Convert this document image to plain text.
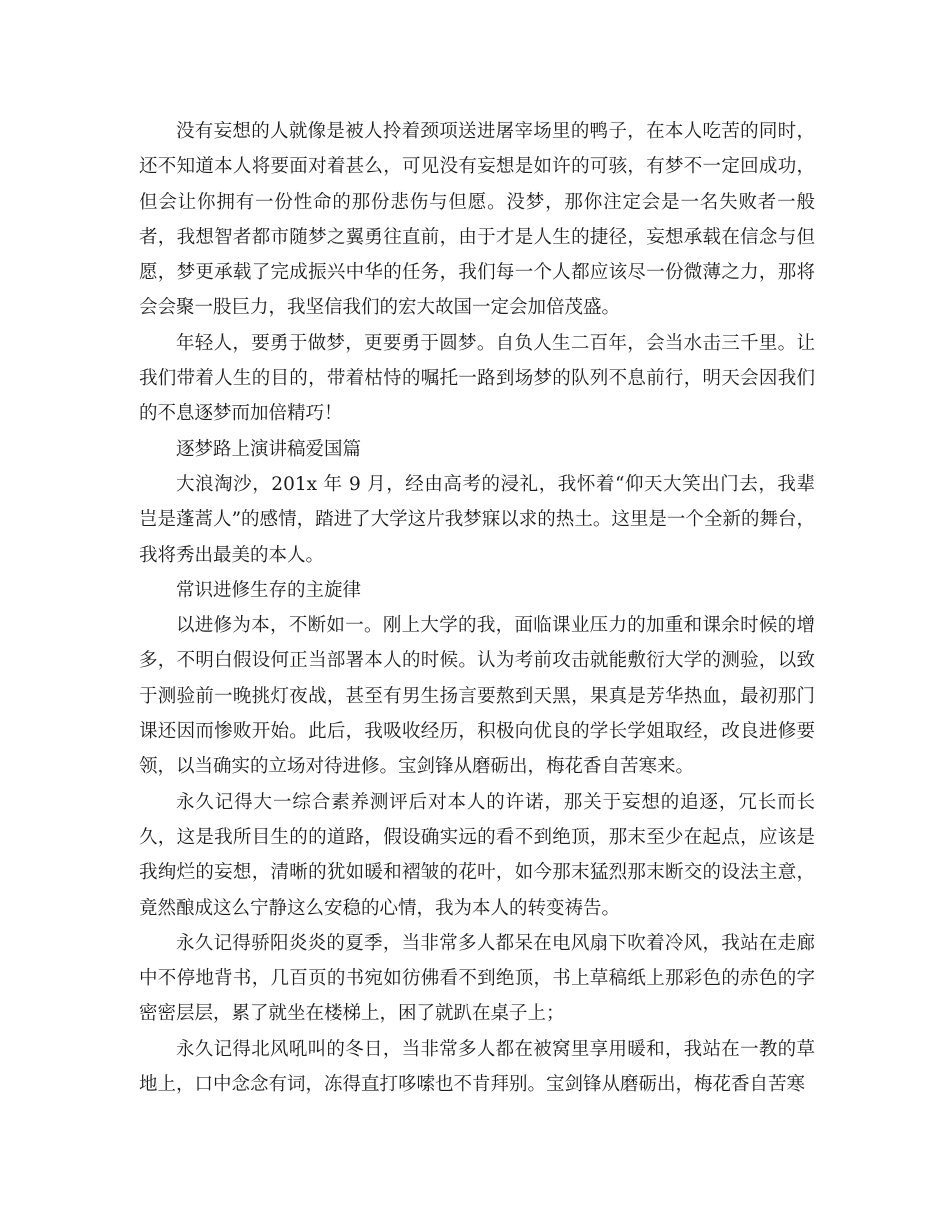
没有妄想的人就像是被人拎着颈项送进屠宰场里的鸭子，在本人吃苦的同时，还不知道本人将要面对着甚么，可见没有妄想是如许的可骇，有梦不一定回成功，但会让你拥有一份性命的那份悲伤与但愿。没梦，那你注定会是一名失败者一般者，我想智者都市随梦之翼勇往直前，由于才是人生的捷径，妄想承载在信念与但愿，梦更承载了完成振兴中华的任务，我们每一个人都应该尽一份微薄之力，那将会会聚一股巨力，我坚信我们的宏大故国一定会加倍茂盛。

年轻人，要勇于做梦，更要勇于圆梦。自负人生二百年，会当水击三千里。让我们带着人生的目的，带着枯恃的嘱托一路到场梦的队列不息前行，明天会因我们的不息逐梦而加倍精巧！

逐梦路上演讲稿爱国篇

大浪淘沙，201x 年 9 月，经由高考的浸礼，我怀着“仰天大笑出门去，我辈岂是蓬蒿人”的感情，踏进了大学这片我梦寐以求的热土。这里是一个全新的舞台，我将秀出最美的本人。

常识进修生存的主旋律

以进修为本，不断如一。刚上大学的我，面临课业压力的加重和课余时候的增多，不明白假设何正当部署本人的时候。认为考前攻击就能敷衍大学的测验，以致于测验前一晚挑灯夜战，甚至有男生扬言要熬到天黑，果真是芳华热血，最初那门课还因而惨败开始。此后，我吸收经历，积极向优良的学长学姐取经，改良进修要领，以当确实的立场对待进修。宝剑锋从磨砺出，梅花香自苦寒来。

永久记得大一综合素养测评后对本人的许诺，那关于妄想的追逐，冗长而长久，这是我所目生的的道路，假设确实远的看不到绝顶，那末至少在起点，应该是我绚烂的妄想，清晰的犹如暖和褶皱的花叶，如今那末猛烈那末断交的设法主意，竟然酿成这么宁静这么安稳的心情，我为本人的转变祷告。

永久记得骄阳炎炎的夏季，当非常多人都呆在电风扇下吹着冷风，我站在走廊中不停地背书，几百页的书宛如彷佛看不到绝顶，书上草稿纸上那彩色的赤色的字密密层层，累了就坐在楼梯上，困了就趴在桌子上；

永久记得北风吼叫的冬日，当非常多人都在被窝里享用暖和，我站在一教的草地上，口中念念有词，冻得直打哆嗦也不肯拜别。宝剑锋从磨砺出，梅花香自苦寒
